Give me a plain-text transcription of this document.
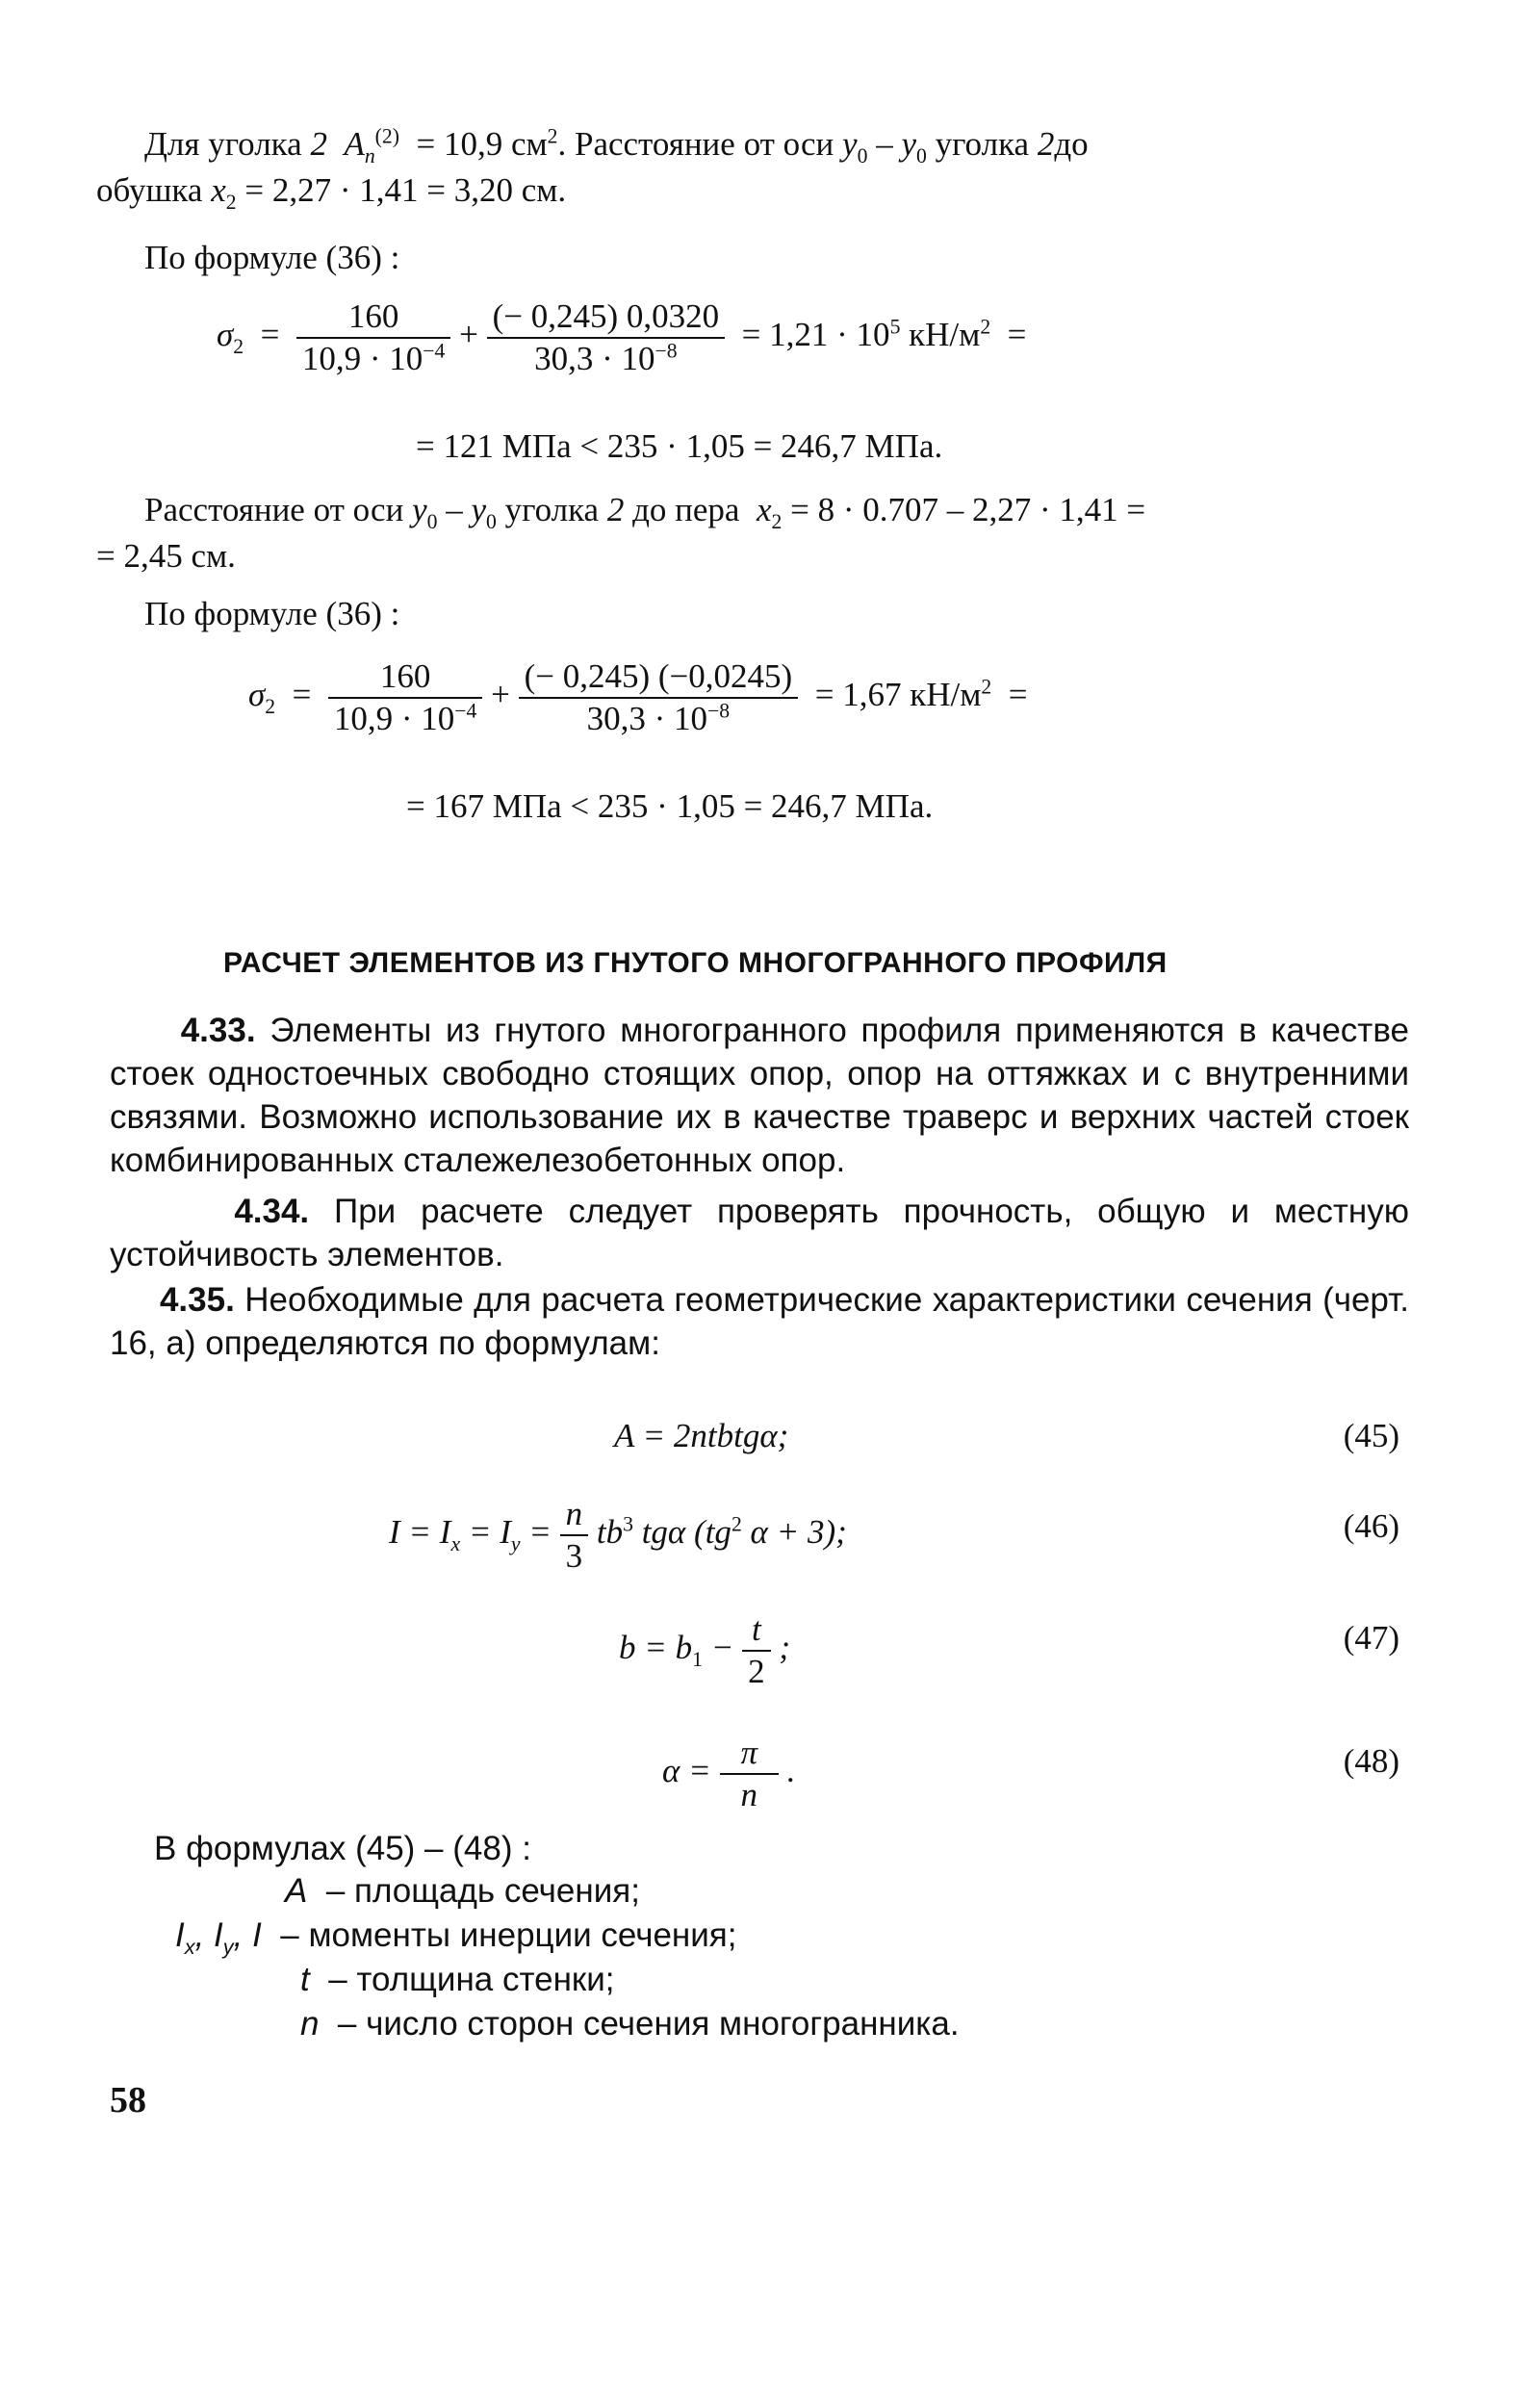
Для уголка 2 $A_n^{(2)} = 10,9$ $см^2$. Расстояние от оси $y_0 - y_0$ уголка 2до
обушка $x_2 = 2,27 \cdot 1,41 = 3,20$ см.
По формуле (36) :
$\sigma_2 = \frac{160}{10,9 \cdot 10^{-4}} + \frac{(- 0,245) 0,0320}{30,3 \cdot 10^{-8}} = 1,21 \cdot 10^5$ $кН/м^2$ =
= 121 МПа < 235 · 1,05 = 246,7 МПа.
Расстояние от оси $y_0 - y_0$ уголка 2 до пера $x_2 = 8 \cdot 0.707 - 2,27 \cdot 1,41$ =
= 2,45 см.
По формуле (36) :
$\sigma_2 = \frac{160}{10,9 \cdot 10^{-4}} + \frac{(- 0,245) (-0,0245)}{30,3 \cdot 10^{-8}} = 1,67$ $кН/м^2$ =
= 167 МПа < 235 · 1,05 = 246,7 МПа.
РАСЧЕТ ЭЛЕМЕНТОВ ИЗ ГНУТОГО МНОГОГРАННОГО ПРОФИЛЯ
4.33. Элементы из гнутого многогранного профиля применяются в качестве стоек одностоечных свободно стоящих опор, опор на оттяжках и с внутренними связями. Возможно использование их в качестве траверс и верхних частей стоек комбинированных сталежелезобетонных опор.
4.34. При расчете следует проверять прочность, общую и местную устойчивость элементов.
4.35. Необходимые для расчета геометрические характеристики сечения (черт. 16, а) определяются по формулам:
A = 2ntbtgα;	(45)
$I = I_x = I_y = \frac{n}{3} tb^3$ tgα ($tg^2$ α + 3);	(46)
$b = b_1 - \frac{t}{2}$ ;	(47)
$\alpha = \frac{\pi}{n}$ .	(48)
В формулах (45) – (48) :
A – площадь сечения;
$I_x$, $I_y$, I – моменты инерции сечения;
t – толщина стенки;
n – число сторон сечения многогранника.
58
